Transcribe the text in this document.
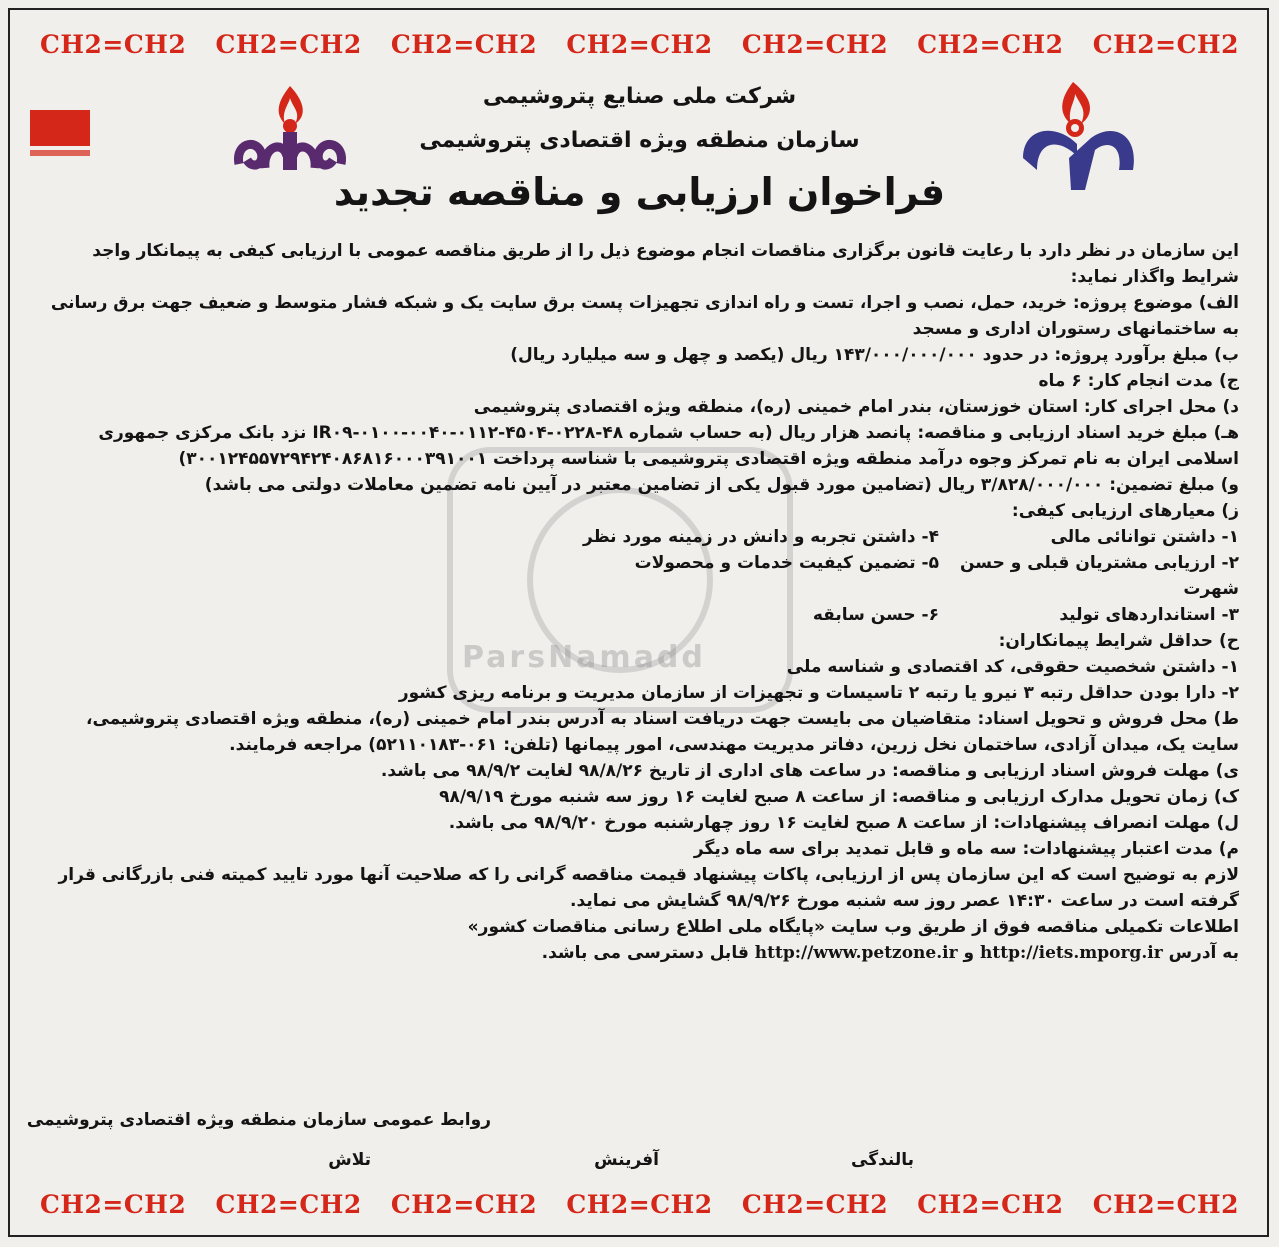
CH2=CH2
CH2=CH2
CH2=CH2
CH2=CH2
CH2=CH2
CH2=CH2
CH2=CH2
شرکت ملی صنایع پتروشیمی
سازمان منطقه ویژه اقتصادی پتروشیمی
فراخوان ارزیابی و مناقصه تجدید
ParsNamadd

این سازمان در نظر دارد با رعایت قانون برگزاری مناقصات انجام موضوع ذیل را از طریق مناقصه عمومی با ارزیابی کیفی به پیمانکار واجد شرایط واگذار نماید:

الف) موضوع پروژه: خرید، حمل، نصب و اجرا، تست و راه اندازی تجهیزات پست برق سایت یک و شبکه فشار متوسط و ضعیف جهت برق رسانی به ساختمانهای رستوران اداری و مسجد

ب) مبلغ برآورد پروژه: در حدود ۱۴۳/۰۰۰/۰۰۰/۰۰۰ ریال (یکصد و چهل و سه میلیارد ریال)

ج) مدت انجام کار: ۶ ماه

د) محل اجرای کار: استان خوزستان، بندر امام خمینی (ره)، منطقه ویژه اقتصادی پتروشیمی

هـ) مبلغ خرید اسناد ارزیابی و مناقصه: پانصد هزار ریال (به حساب شماره IR۰۹-۰۱۰۰-۰۰۴۰-۰۱۱۲-۴۵۰۴-۰۲۲۸-۴۸ نزد بانک مرکزی جمهوری اسلامی ایران به نام تمرکز وجوه درآمد منطقه ویژه اقتصادی پتروشیمی با شناسه پرداخت ۳۰۰۱۲۴۵۵۷۲۹۴۲۴۰۸۶۸۱۶۰۰۰۳۹۱۰۰۱)

و) مبلغ تضمین: ۳/۸۲۸/۰۰۰/۰۰۰ ریال (تضامین مورد قبول یکی از تضامین معتبر در آیین نامه تضمین معاملات دولتی می باشد)

ز) معیارهای ارزیابی کیفی:

۱- داشتن توانائی مالی
۴- داشتن تجربه و دانش در زمینه مورد نظر
۲- ارزیابی مشتریان قبلی و حسن شهرت
۵- تضمین کیفیت خدمات و محصولات
۳- استانداردهای تولید
۶- حسن سابقه

ح) حداقل شرایط پیمانکاران:

۱- داشتن شخصیت حقوقی، کد اقتصادی و شناسه ملی

۲- دارا بودن حداقل رتبه ۳ نیرو یا رتبه ۲ تاسیسات و تجهیزات از سازمان مدیریت و برنامه ریزی کشور

ط) محل فروش و تحویل اسناد: متقاضیان می بایست جهت دریافت اسناد به آدرس بندر امام خمینی (ره)، منطقه ویژه اقتصادی پتروشیمی، سایت یک، میدان آزادی، ساختمان نخل زرین، دفاتر مدیریت مهندسی، امور پیمانها (تلفن: ۰۶۱-۵۲۱۱۰۱۸۳) مراجعه فرمایند.

ی) مهلت فروش اسناد ارزیابی و مناقصه: در ساعت های اداری از تاریخ ۹۸/۸/۲۶ لغایت ۹۸/۹/۲ می باشد.

ک) زمان تحویل مدارک ارزیابی و مناقصه: از ساعت ۸ صبح لغایت ۱۶ روز سه شنبه مورخ ۹۸/۹/۱۹

ل) مهلت انصراف پیشنهادات: از ساعت ۸ صبح لغایت ۱۶ روز چهارشنبه مورخ ۹۸/۹/۲۰ می باشد.

م) مدت اعتبار پیشنهادات: سه ماه و قابل تمدید برای سه ماه دیگر

لازم به توضیح است که این سازمان پس از ارزیابی، پاکات پیشنهاد قیمت مناقصه گرانی را که صلاحیت آنها مورد تایید کمیته فنی بازرگانی قرار گرفته است در ساعت ۱۴:۳۰ عصر روز سه شنبه مورخ ۹۸/۹/۲۶ گشایش می نماید.

اطلاعات تکمیلی مناقصه فوق از طریق وب سایت «پایگاه ملی اطلاع رسانی مناقصات کشور»

به آدرس http://iets.mporg.ir و http://www.petzone.ir قابل دسترسی می باشد.

روابط عمومی سازمان منطقه ویژه اقتصادی پتروشیمی
بالندگی
آفرینش
تلاش
CH2=CH2
CH2=CH2
CH2=CH2
CH2=CH2
CH2=CH2
CH2=CH2
CH2=CH2
